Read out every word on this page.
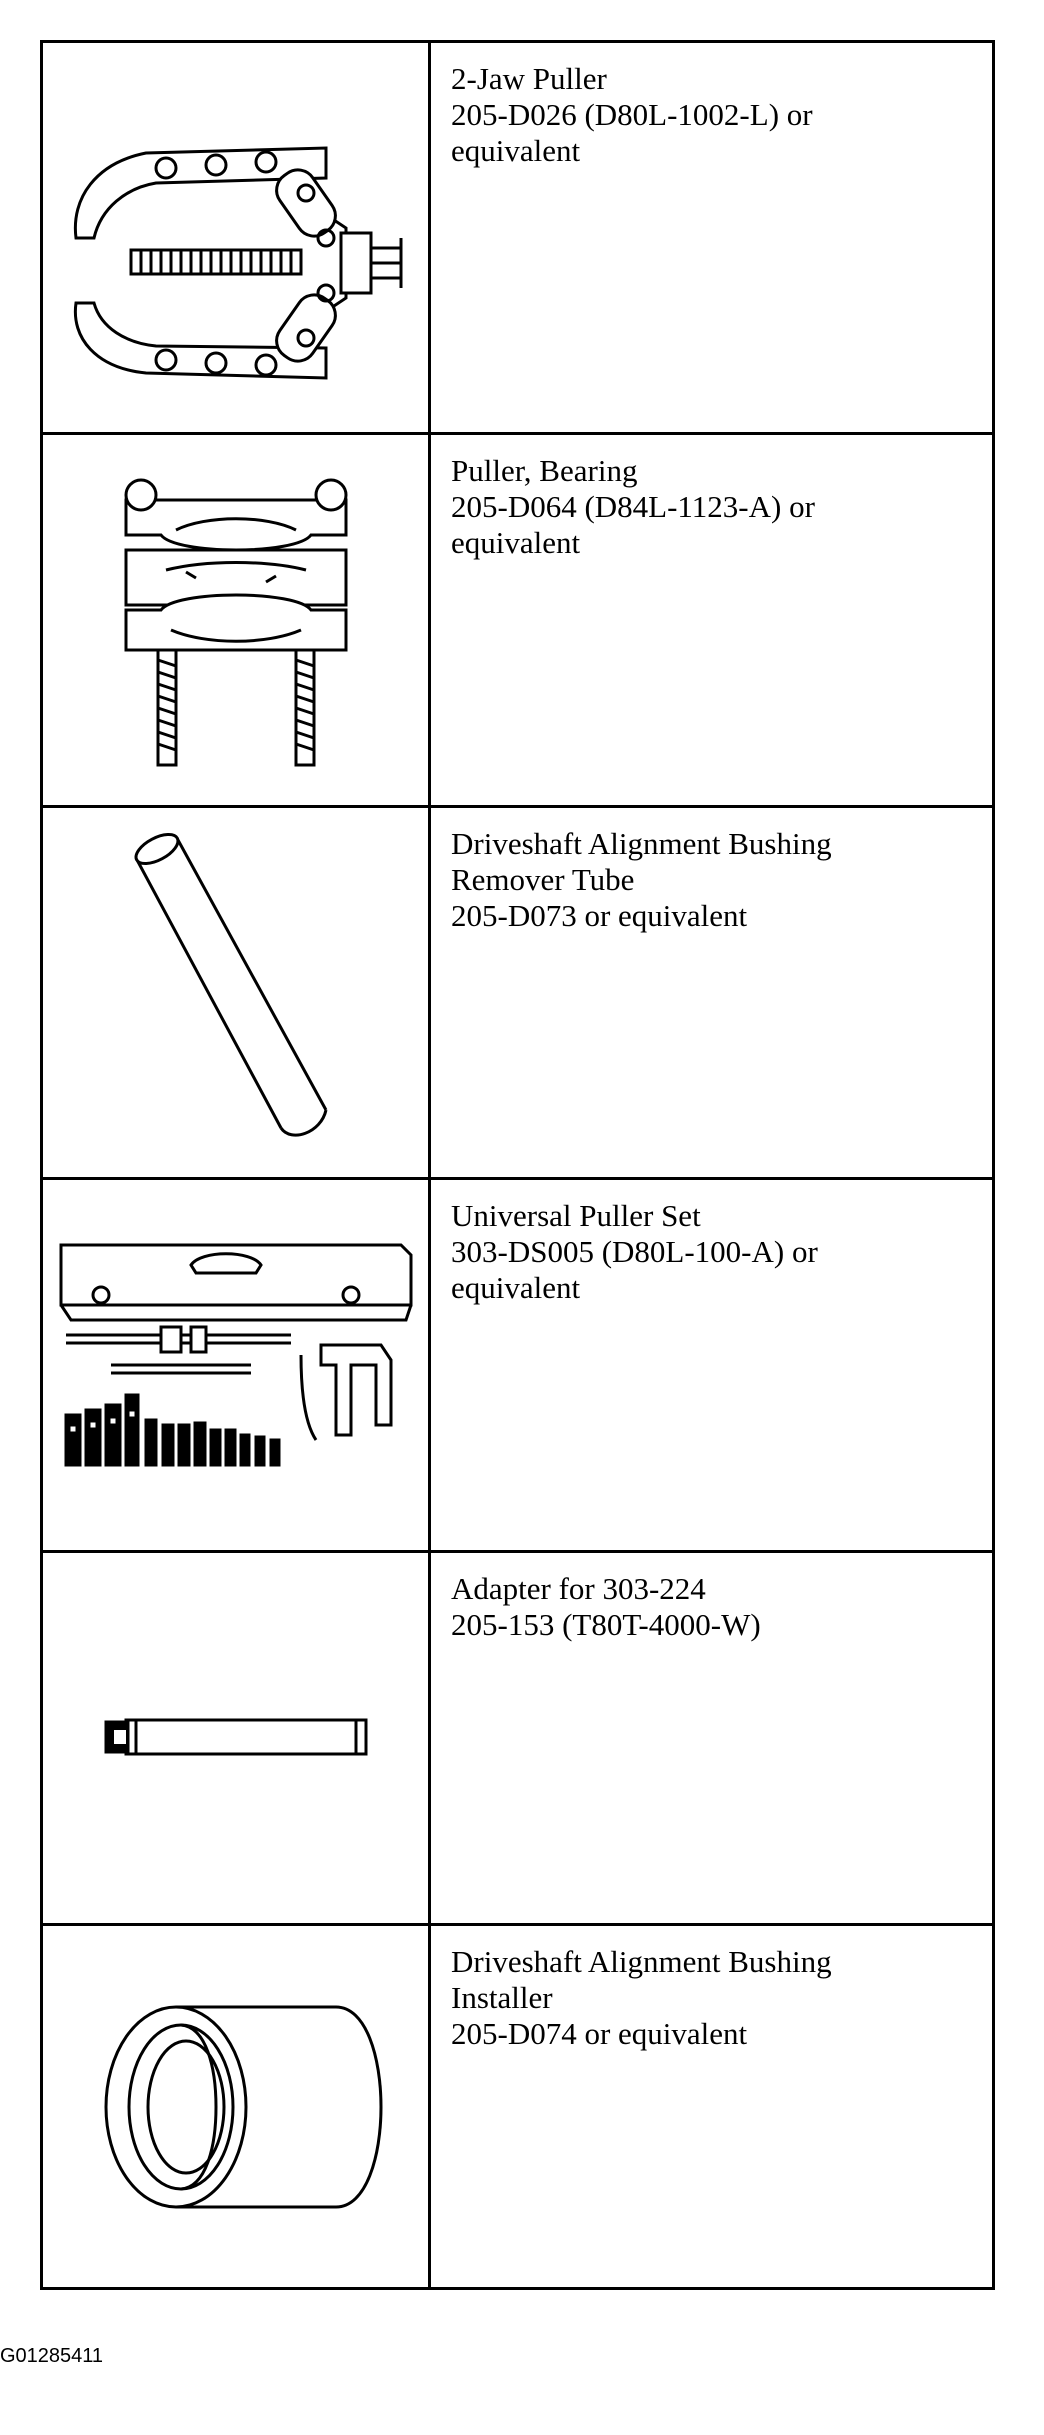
2-Jaw Puller
205-D026 (D80L-1002-L) or
equivalent
Puller, Bearing
205-D064 (D84L-1123-A) or
equivalent
Driveshaft Alignment Bushing
Remover Tube
205-D073 or equivalent
Universal Puller Set
303-DS005 (D80L-100-A) or
equivalent
Adapter for 303-224
205-153 (T80T-4000-W)
Driveshaft Alignment Bushing
Installer
205-D074 or equivalent
G01285411
